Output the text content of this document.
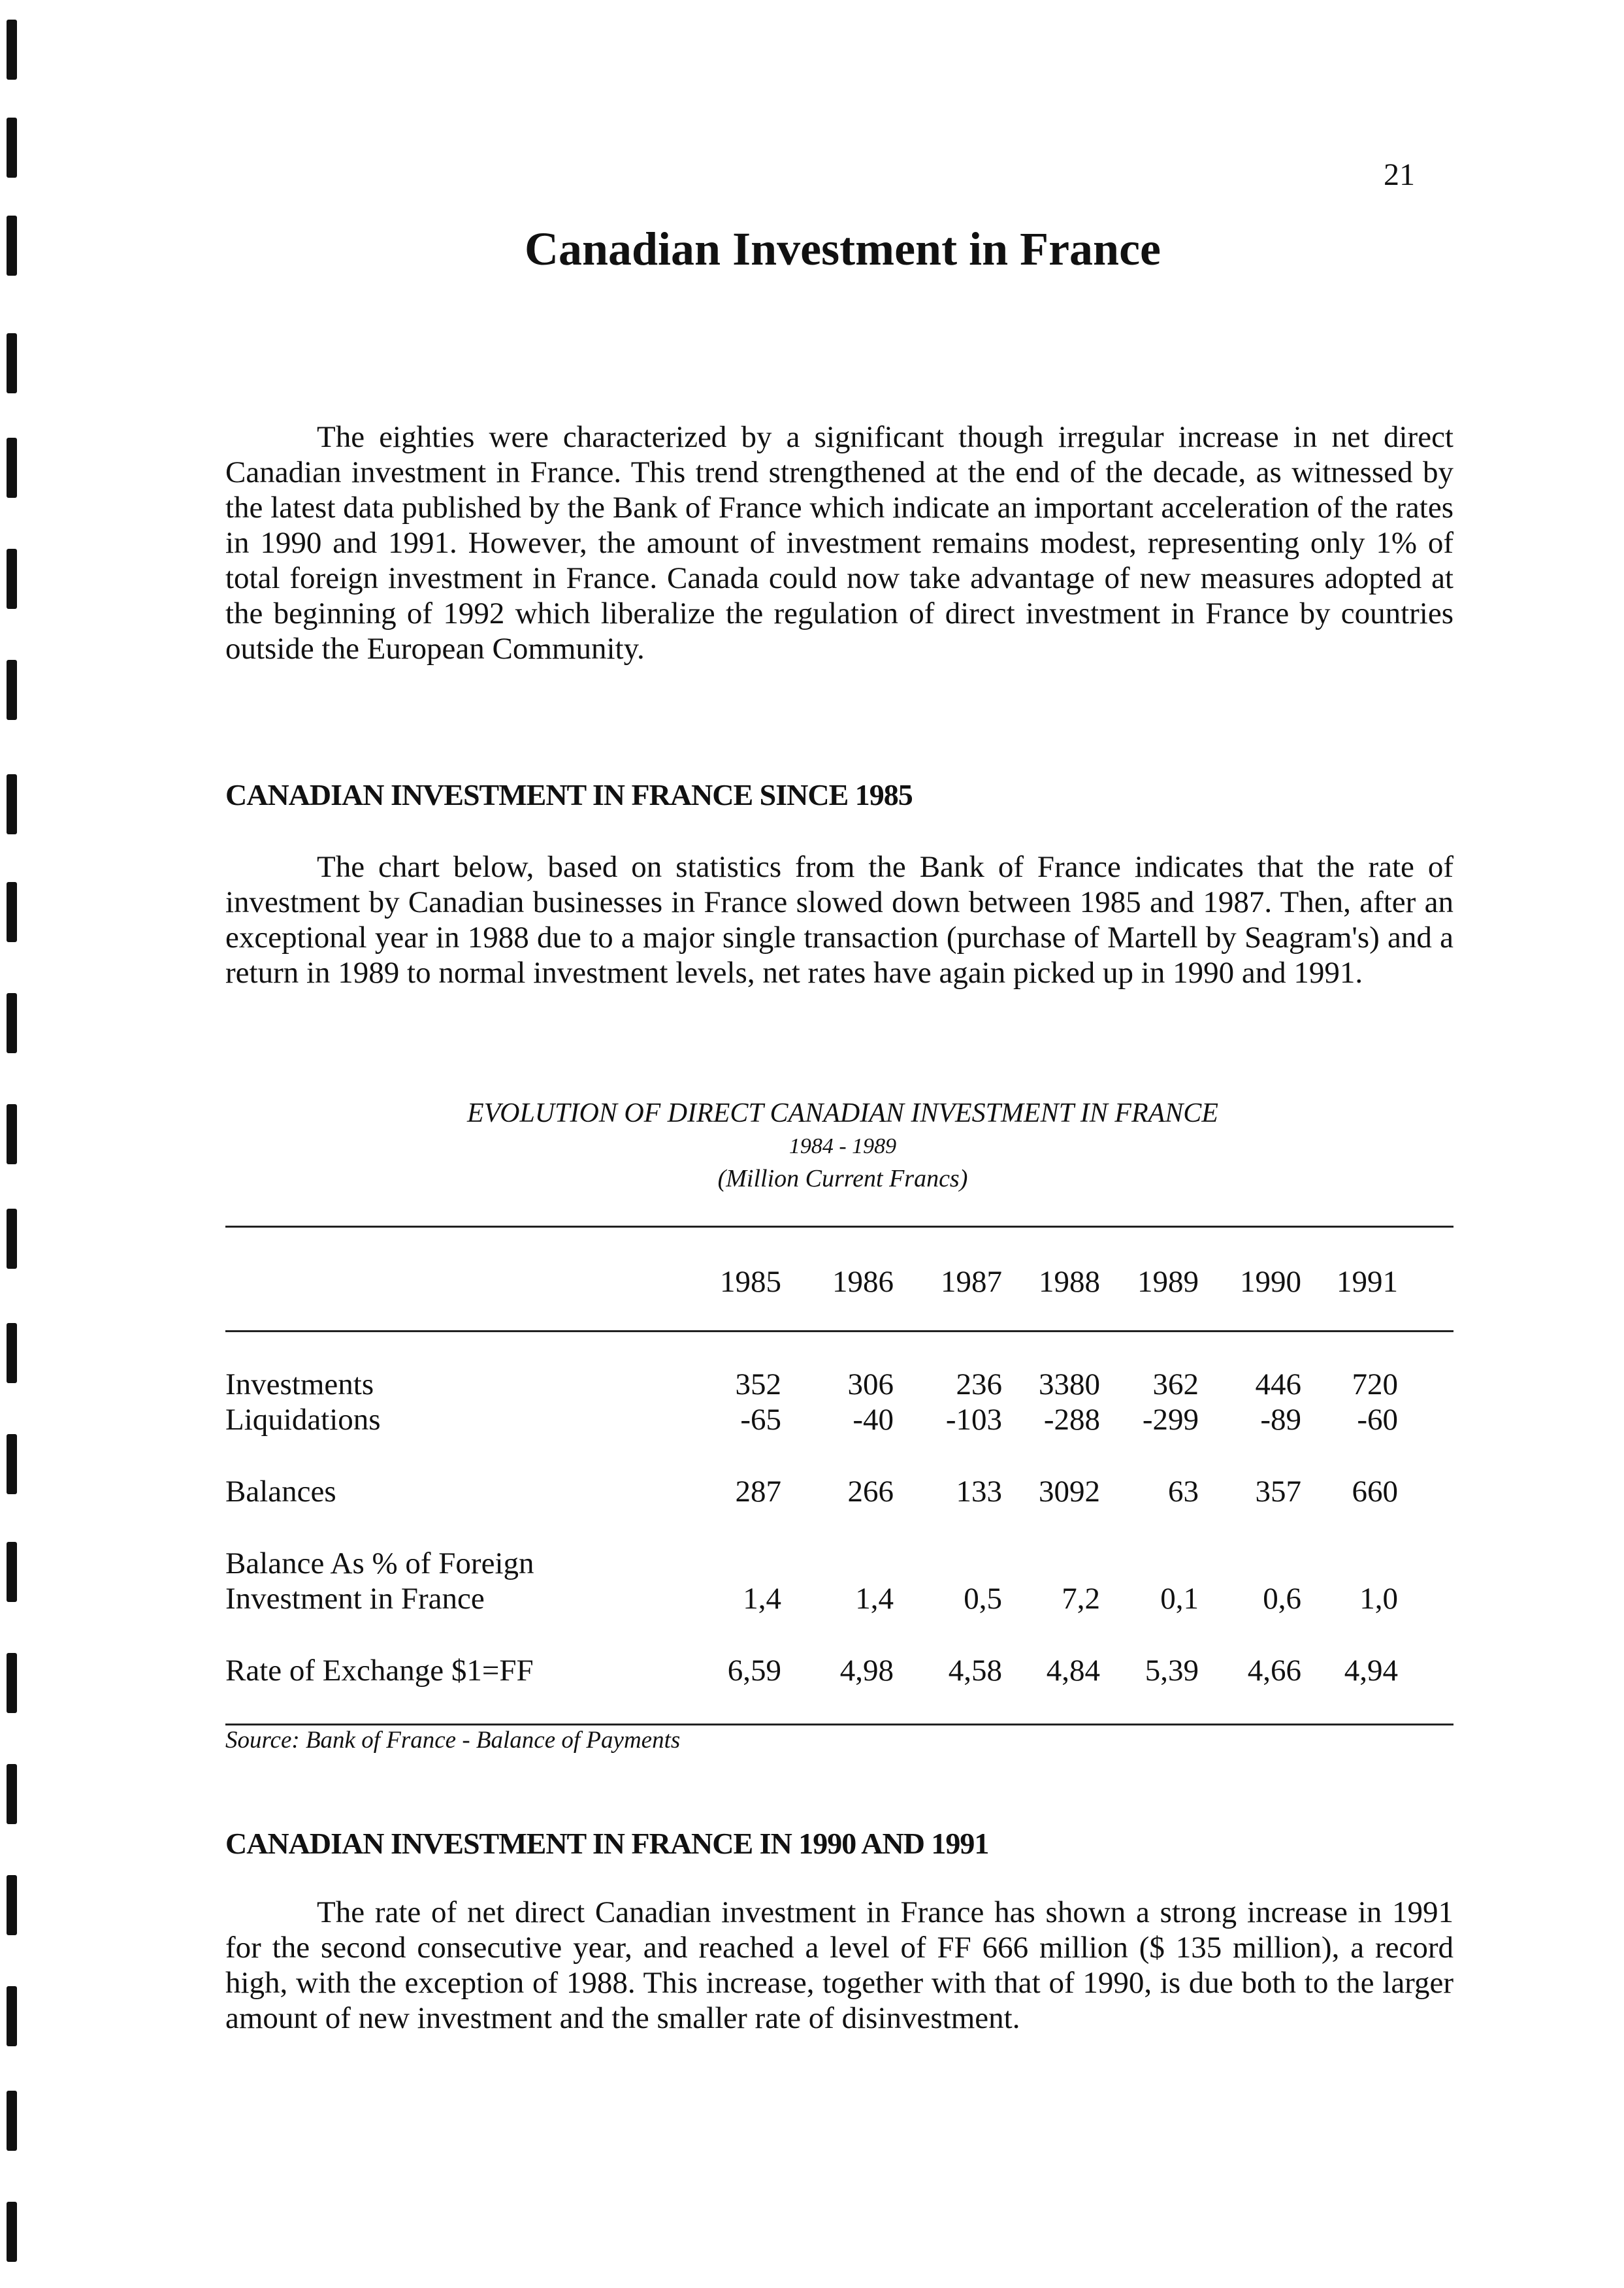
21
Canadian Investment in France

The eighties were characterized by a significant though irregular increase in net direct Canadian investment in France. This trend strengthened at the end of the decade, as witnessed by the latest data published by the Bank of France which indicate an important acceleration of the rates in 1990 and 1991. However, the amount of investment remains modest, representing only 1% of total foreign investment in France. Canada could now take advantage of new measures adopted at the beginning of 1992 which liberalize the regulation of direct investment in France by countries outside the European Community.

CANADIAN INVESTMENT IN FRANCE SINCE 1985

The chart below, based on statistics from the Bank of France indicates that the rate of investment by Canadian businesses in France slowed down between 1985 and 1987. Then, after an exceptional year in 1988 due to a major single transaction (purchase of Martell by Seagram's) and a return in 1989 to normal investment levels, net rates have again picked up in 1990 and 1991.

EVOLUTION OF DIRECT CANADIAN INVESTMENT IN FRANCE
1984 - 1989
(Million Current Francs)
1985	1986	1987	1988	1989	1990	1991
Investments	352	306	236	3380	362	446	720
Liquidations	-65	-40	-103	-288	-299	-89	-60
Balances	287	266	133	3092	63	357	660
Balance As % of Foreign
Investment in France	1,4	1,4	0,5	7,2	0,1	0,6	1,0
Rate of Exchange $1=FF	6,59	4,98	4,58	4,84	5,39	4,66	4,94
Source: Bank of France - Balance of Payments
CANADIAN INVESTMENT IN FRANCE IN 1990 AND 1991

The rate of net direct Canadian investment in France has shown a strong increase in 1991 for the second consecutive year, and reached a level of FF 666 million ($ 135 million), a record high, with the exception of 1988. This increase, together with that of 1990, is due both to the larger amount of new investment and the smaller rate of disinvestment.
